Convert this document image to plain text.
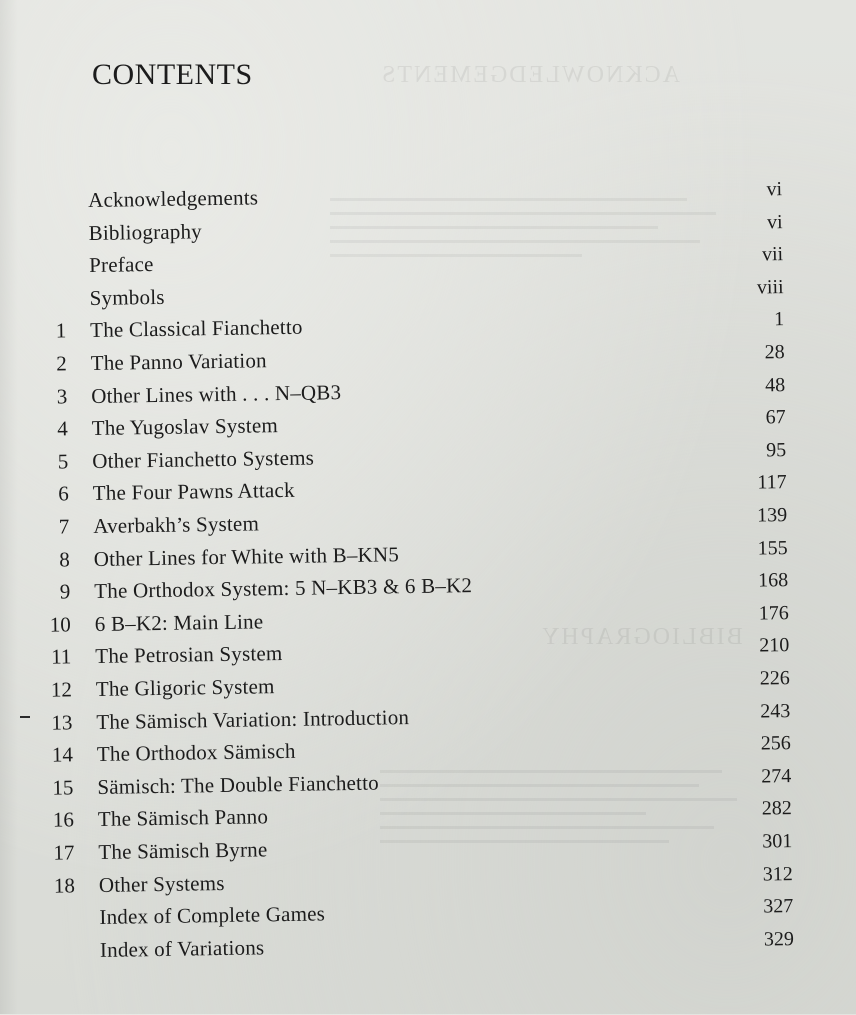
ACKNOWLEDGEMENTS
BIBLIOGRAPHY
CONTENTS
Acknowledgements	vi
Bibliography	vi
Preface	vii
Symbols	viii
1 The Classical Fianchetto	1
2 The Panno Variation	28
3 Other Lines with . . . N–QB3	48
4 The Yugoslav System	67
5 Other Fianchetto Systems	95
6 The Four Pawns Attack	117
7 Averbakh’s System	139
8 Other Lines for White with B–KN5	155
9 The Orthodox System: 5 N–KB3 & 6 B–K2	168
10 6 B–K2: Main Line	176
11 The Petrosian System	210
12 The Gligoric System	226
13 The Sämisch Variation: Introduction	243
14 The Orthodox Sämisch	256
15 Sämisch: The Double Fianchetto	274
16 The Sämisch Panno	282
17 The Sämisch Byrne	301
18 Other Systems	312
Index of Complete Games	327
Index of Variations	329
